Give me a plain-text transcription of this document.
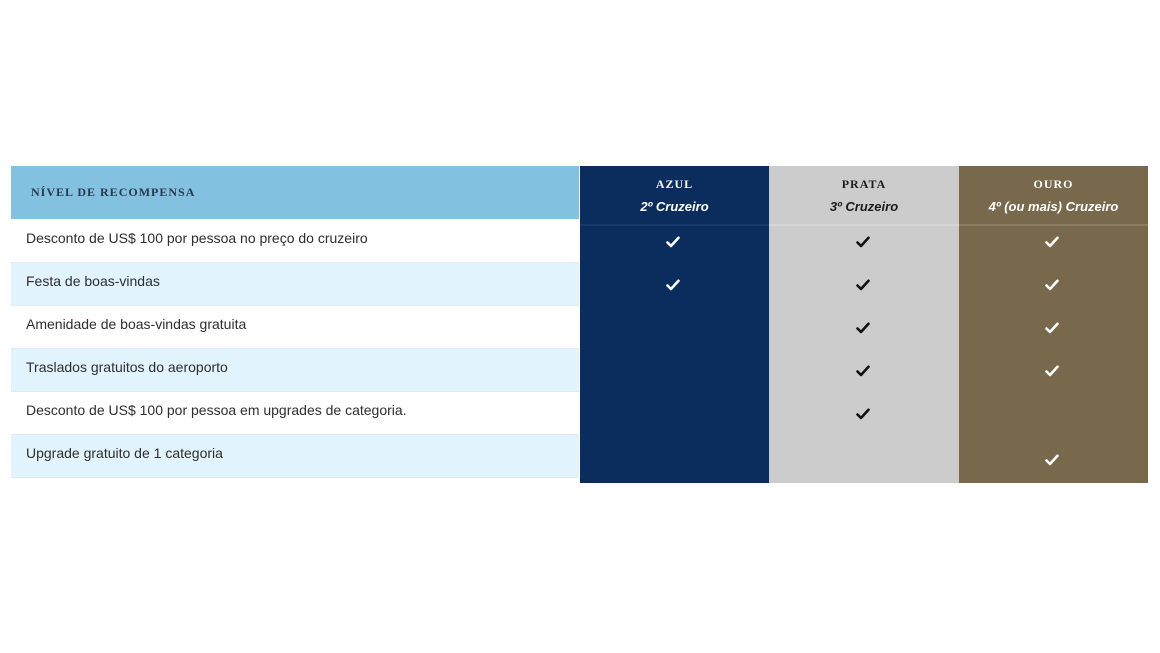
NÍVEL DE RECOMPENSA
AZUL
2º Cruzeiro
PRATA
3º Cruzeiro
OURO
4º (ou mais) Cruzeiro
Desconto de US$ 100 por pessoa no preço do cruzeiro
Festa de boas-vindas
Amenidade de boas-vindas gratuita
Traslados gratuitos do aeroporto
Desconto de US$ 100 por pessoa em upgrades de categoria.
Upgrade gratuito de 1 categoria
